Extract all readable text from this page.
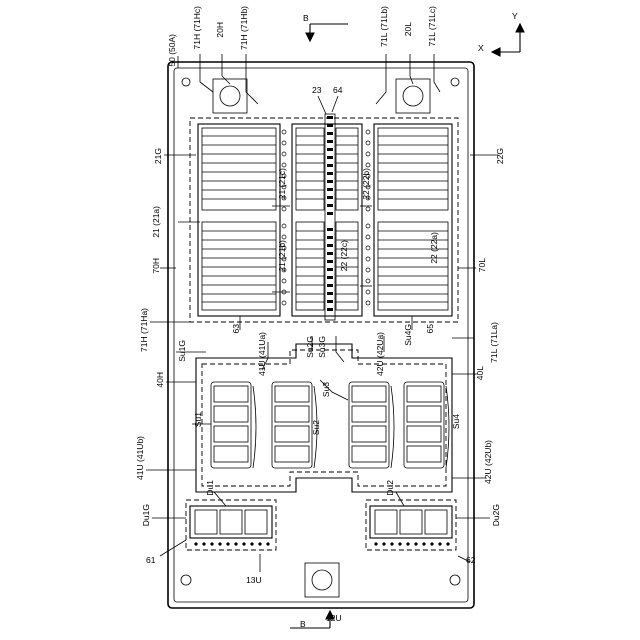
71H (71Hc) 20H 71H (71Hb)	71L (71Lb) 20L 71L (71Lc)	Y
X
B
B
50 (50A)
21G
21 (21a)
70H
71H (71Ha)	Su1G
40H
Su1
41U (41Ub)
Du1G
61
13U
23 64
21 (21c)	22 (22b)
21 (21b)	22 (22c)	22 (22a)
63
41U (41Ua)	Su2G Su3G	42U (42Ua) Su4G 65
Su2
Su3
Su4
Du1	Du2
22G
70L
71L (71La)
40L
42U (42Ub)
Du2G
62
12U
